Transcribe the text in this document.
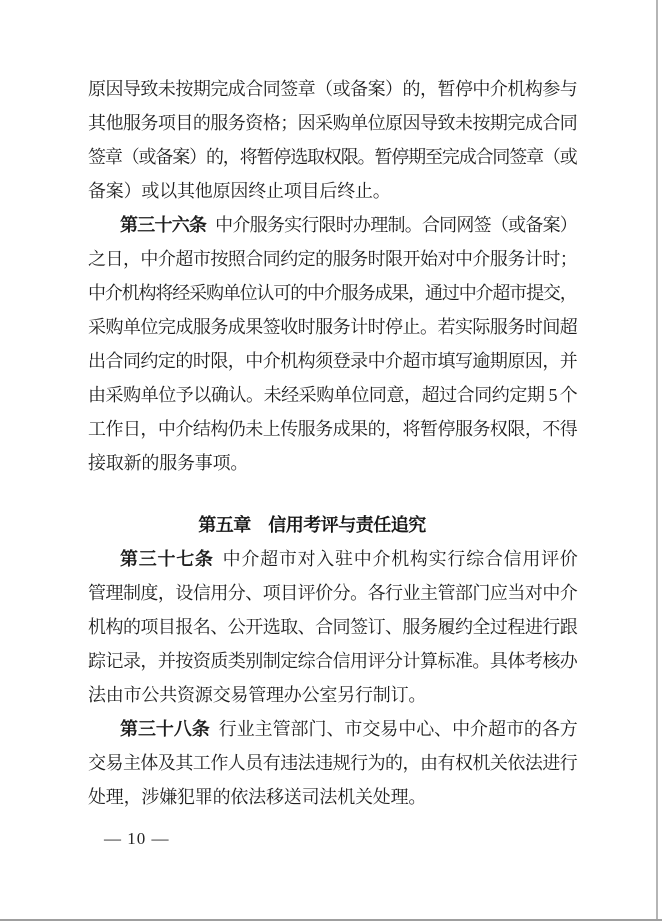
原因导致未按期完成合同签章（或备案）的，暂停中介机构参与
其他服务项目的服务资格；因采购单位原因导致未按期完成合同
签章（或备案）的，将暂停选取权限。暂停期至完成合同签章（或
备案）或以其他原因终止项目后终止。
第三十六条 中介服务实行限时办理制。合同网签（或备案）
之日，中介超市按照合同约定的服务时限开始对中介服务计时；
中介机构将经采购单位认可的中介服务成果，通过中介超市提交，
采购单位完成服务成果签收时服务计时停止。若实际服务时间超
出合同约定的时限，中介机构须登录中介超市填写逾期原因，并
由采购单位予以确认。未经采购单位同意，超过合同约定期 5 个
工作日，中介结构仍未上传服务成果的，将暂停服务权限，不得
接取新的服务事项。
第五章　信用考评与责任追究
第三十七条 中介超市对入驻中介机构实行综合信用评价
管理制度，设信用分、项目评价分。各行业主管部门应当对中介
机构的项目报名、公开选取、合同签订、服务履约全过程进行跟
踪记录，并按资质类别制定综合信用评分计算标准。具体考核办
法由市公共资源交易管理办公室另行制订。
第三十八条 行业主管部门、市交易中心、中介超市的各方
交易主体及其工作人员有违法违规行为的，由有权机关依法进行
处理，涉嫌犯罪的依法移送司法机关处理。
— 10 —
